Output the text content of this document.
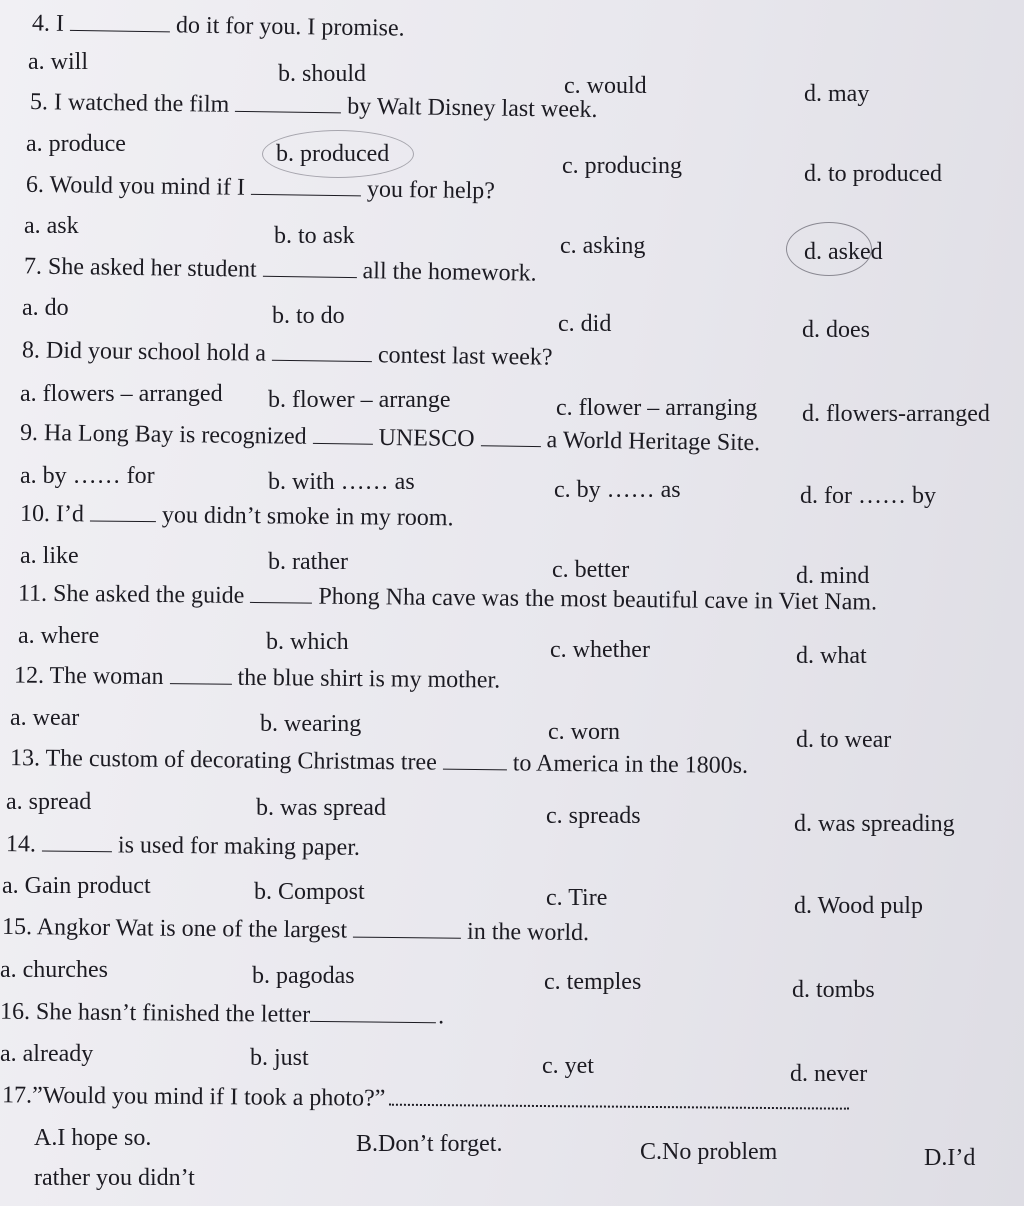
4. I	do it for you. I promise.
a. will	b. should	c. would	d. may
5. I watched the film	by Walt Disney last week.
a. produce	b. produced	c. producing	d. to produced
6. Would you mind if I	you for help?
a. ask	b. to ask	c. asking	d. asked
7. She asked her student	all the homework.
a. do	b. to do	c. did	d. does
8. Did your school hold a	contest last week?
a. flowers – arranged b. flower – arrange	c. flower – arranging d. flowers-arranged
9. Ha Long Bay is recognized	UNESCO	a World Heritage Site.
a. by …… for	b. with …… as	c. by …… as	d. for …… by
10. I’d	you didn’t smoke in my room.
a. like	b. rather	c. better	d. mind
11. She asked the guide	Phong Nha cave was the most beautiful cave in Viet Nam.
a. where	b. which	c. whether	d. what
12. The woman	the blue shirt is my mother.
a. wear	b. wearing	c. worn	d. to wear
13. The custom of decorating Christmas tree	to America in the 1800s.
a. spread	b. was spread	c. spreads	d. was spreading
14.	is used for making paper.
a. Gain product	b. Compost	c. Tire	d. Wood pulp
15. Angkor Wat is one of the largest	in the world.
a. churches	b. pagodas	c. temples	d. tombs
16. She hasn’t finished the letter	.
a. already	b. just	c. yet	d. never
17.”Would you mind if I took a photo?”
A.I hope so.	B.Don’t forget.	C.No problem	D.I’d
rather you didn’t
